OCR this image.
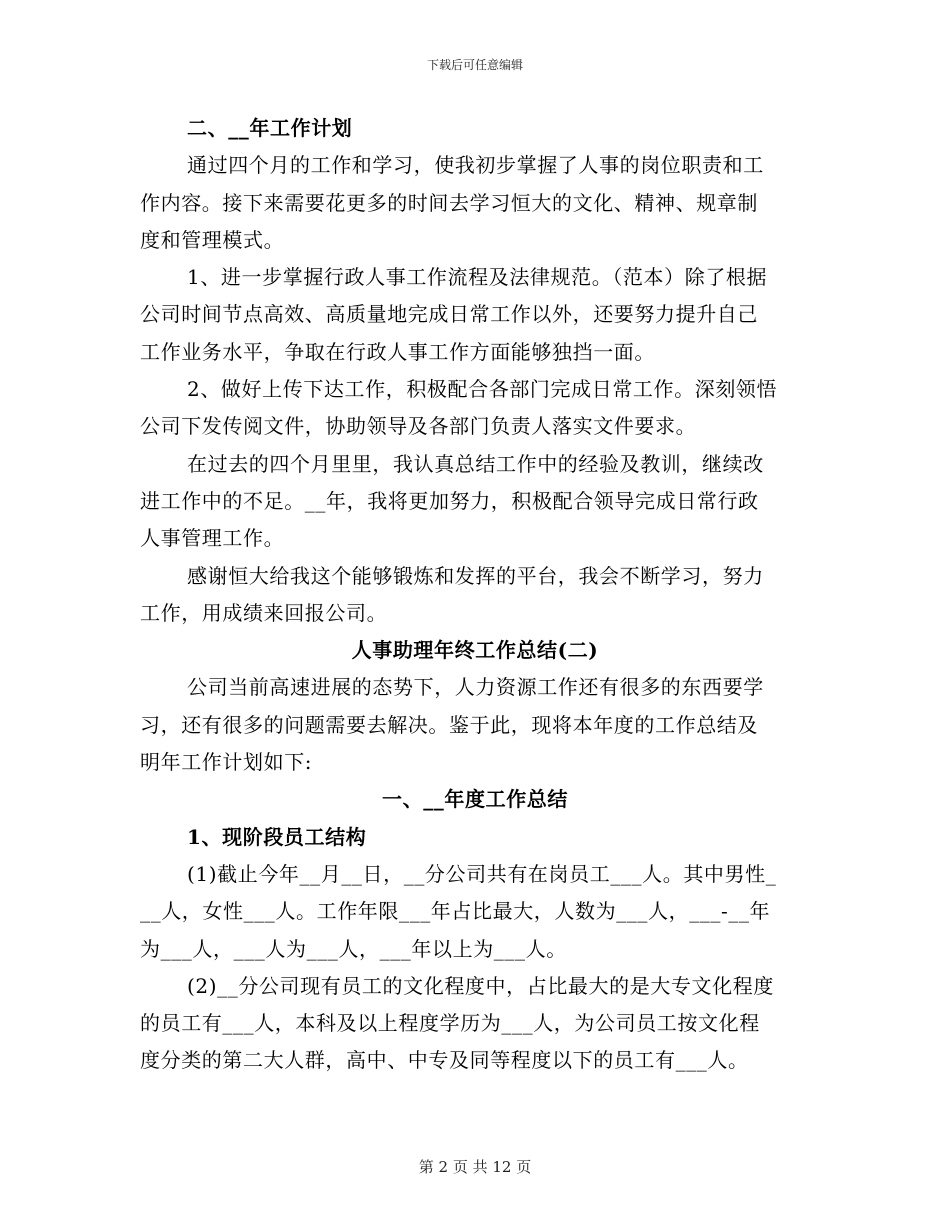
下载后可任意编辑
二、__年工作计划
通过四个月的工作和学习，使我初步掌握了人事的岗位职责和工
作内容。接下来需要花更多的时间去学习恒大的文化、精神、规章制
度和管理模式。
1、进一步掌握行政人事工作流程及法律规范。（范本）除了根据
公司时间节点高效、高质量地完成日常工作以外，还要努力提升自己
工作业务水平，争取在行政人事工作方面能够独挡一面。
2、做好上传下达工作，积极配合各部门完成日常工作。深刻领悟
公司下发传阅文件，协助领导及各部门负责人落实文件要求。
在过去的四个月里里，我认真总结工作中的经验及教训，继续改
进工作中的不足。__年，我将更加努力，积极配合领导完成日常行政
人事管理工作。
感谢恒大给我这个能够锻炼和发挥的平台，我会不断学习，努力
工作，用成绩来回报公司。
人事助理年终工作总结(二)
公司当前高速进展的态势下，人力资源工作还有很多的东西要学
习，还有很多的问题需要去解决。鉴于此，现将本年度的工作总结及
明年工作计划如下:
一、__年度工作总结
1、现阶段员工结构
(1)截止今年__月__日，__分公司共有在岗员工___人。其中男性_
__人，女性___人。工作年限___年占比最大，人数为___人，___-__年
为___人，___人为___人，___年以上为___人。
(2)__分公司现有员工的文化程度中，占比最大的是大专文化程度
的员工有___人，本科及以上程度学历为___人，为公司员工按文化程
度分类的第二大人群，高中、中专及同等程度以下的员工有___人。
第 2 页 共 12 页
